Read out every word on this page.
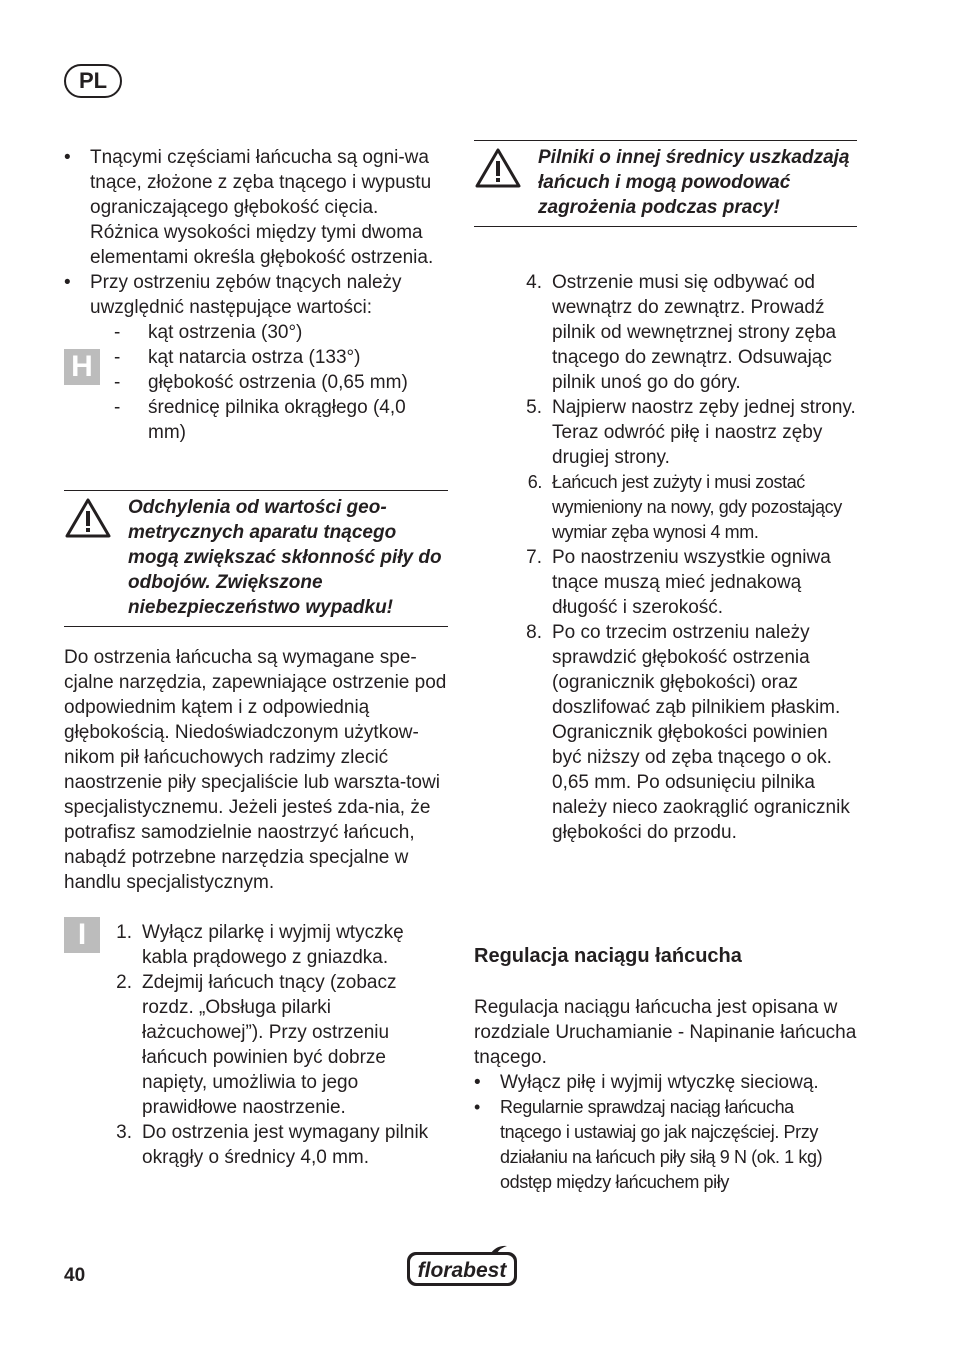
PL
•	Tnącymi częściami łańcucha są ogni-wa tnące, złożone z zęba tnącego i wypustu ograniczającego głębokość cięcia. Różnica wysokości między tymi dwoma elementami określa głębokość ostrzenia.
•	Przy ostrzeniu zębów tnących należy uwzględnić następujące wartości:
-	kąt ostrzenia (30°)
-	kąt natarcia ostrza (133°)
-	głębokość ostrzenia (0,65 mm)
-	średnicę pilnika okrągłego (4,0 mm)
H
Odchylenia od wartości geo-metrycznych aparatu tnącego mogą zwiększać skłonność piły do odbojów. Zwiększone niebezpieczeństwo wypadku!
Do ostrzenia łańcucha są wymagane spe-cjalne narzędzia, zapewniające ostrzenie pod odpowiednim kątem i z odpowiednią głębokością. Niedoświadczonym użytkow-nikom pił łańcuchowych radzimy zlecić naostrzenie piły specjaliście lub warszta-towi specjalistycznemu. Jeżeli jesteś zda-nia, że potrafisz samodzielnie naostrzyć łańcuch, nabądź potrzebne narzędzia specjalne w handlu specjalistycznym.
I	1. Wyłącz pilarkę i wyjmij wtyczkę kabla prądowego z gniazdka.
2. Zdejmij łańcuch tnący (zobacz rozdz. „Obsługa pilarki łażcuchowej”). Przy ostrzeniu łańcuch powinien być dobrze napięty, umożliwia to jego prawidłowe naostrzenie.
3. Do ostrzenia jest wymagany pilnik okrągły o średnicy 4,0 mm.
Pilniki o innej średnicy uszkadzają łańcuch i mogą powodować zagrożenia podczas pracy!
4. Ostrzenie musi się odbywać od wewnątrz do zewnątrz. Prowadź pilnik od wewnętrznej strony zęba tnącego do zewnątrz. Odsuwając pilnik unoś go do góry.
5. Najpierw naostrz zęby jednej strony. Teraz odwróć piłę i naostrz zęby drugiej strony.
6. Łańcuch jest zużyty i musi zostać wymieniony na nowy, gdy pozostający wymiar zęba wynosi 4 mm.
7. Po naostrzeniu wszystkie ogniwa tnące muszą mieć jednakową długość i szerokość.
8. Po co trzecim ostrzeniu należy sprawdzić głębokość ostrzenia (ogranicznik głębokości) oraz doszlifować ząb pilnikiem płaskim. Ogranicznik głębokości powinien być niższy od zęba tnącego o ok. 0,65 mm. Po odsunięciu pilnika należy nieco zaokrąglić ogranicznik głębokości do przodu.
Regulacja naciągu łańcucha
Regulacja naciągu łańcucha jest opisana w rozdziale Uruchamianie - Napinanie łańcucha tnącego.
•	Wyłącz piłę i wyjmij wtyczkę sieciową.
•	Regularnie sprawdzaj naciąg łańcucha tnącego i ustawiaj go jak najczęściej. Przy działaniu na łańcuch piły siłą 9 N (ok. 1 kg) odstęp między łańcuchem piły
40	florabest
